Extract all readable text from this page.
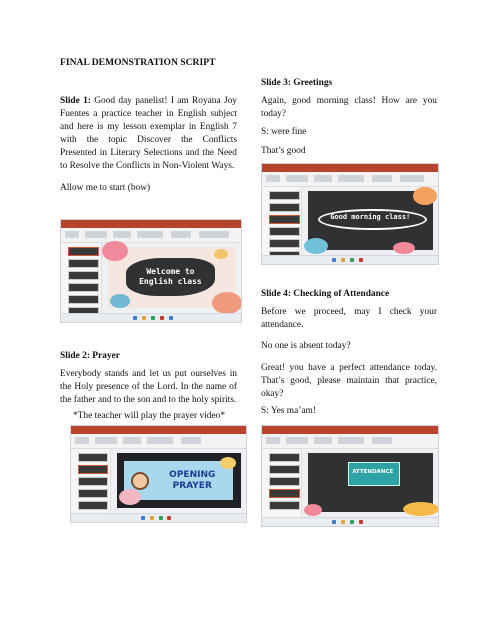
FINAL DEMONSTRATION SCRIPT
Slide 1: Good day panelist! I am Royana Joy Fuentes a practice teacher in English subject and here is my lesson exemplar in English 7 with the topic Discover the Conflicts Presented in Literary Selections and the Need to Resolve the Conflicts in Non-Violent Ways.
Allow me to start (bow)
Welcome to English class
Slide 2: Prayer
Everybody stands and let us put ourselves in the Holy presence of the Lord. In the name of the father and to the son and to the holy spirits.
*The teacher will play the prayer video*
OPENING PRAYER
Slide 3: Greetings
Again, good morning class! How are you today?
S: were fine
That’s good
Good morning class!
Slide 4: Checking of Attendance
Before we proceed, may I check your attendance.
No one is absent today?
Great! you have a perfect attendance today. That’s good, please maintain that practice, okay?
S: Yes ma’am!
ATTENDANCE
